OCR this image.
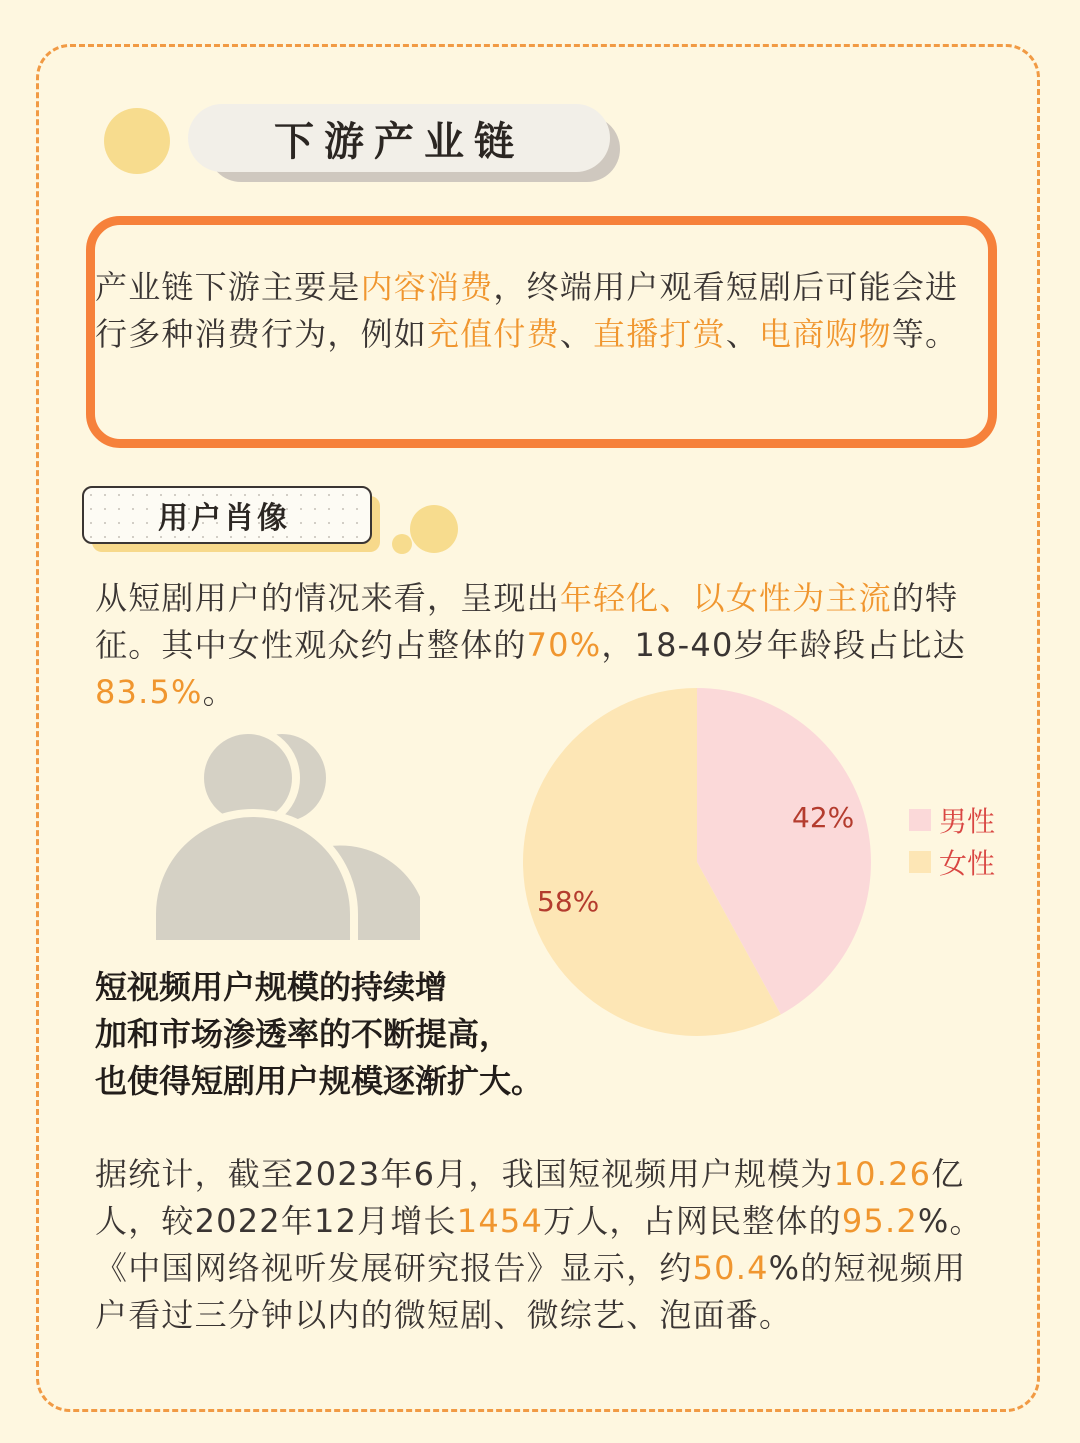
下游产业链

产业链下游主要是内容消费，终端用户观看短剧后可能会进行多种消费行为，例如充值付费、直播打赏、电商购物等。

用户肖像

从短剧用户的情况来看，呈现出年轻化、以女性为主流的特征。其中女性观众约占整体的70%，18-40岁年龄段占比达83.5%。

短视频用户规模的持续增
加和市场渗透率的不断提高，
也使得短剧用户规模逐渐扩大。

42%
58%
男性
女性

据统计，截至2023年6月，我国短视频用户规模为10.26亿人，较2022年12月增长1454万人，占网民整体的95.2%。《中国网络视听发展研究报告》显示，约50.4%的短视频用户看过三分钟以内的微短剧、微综艺、泡面番。
